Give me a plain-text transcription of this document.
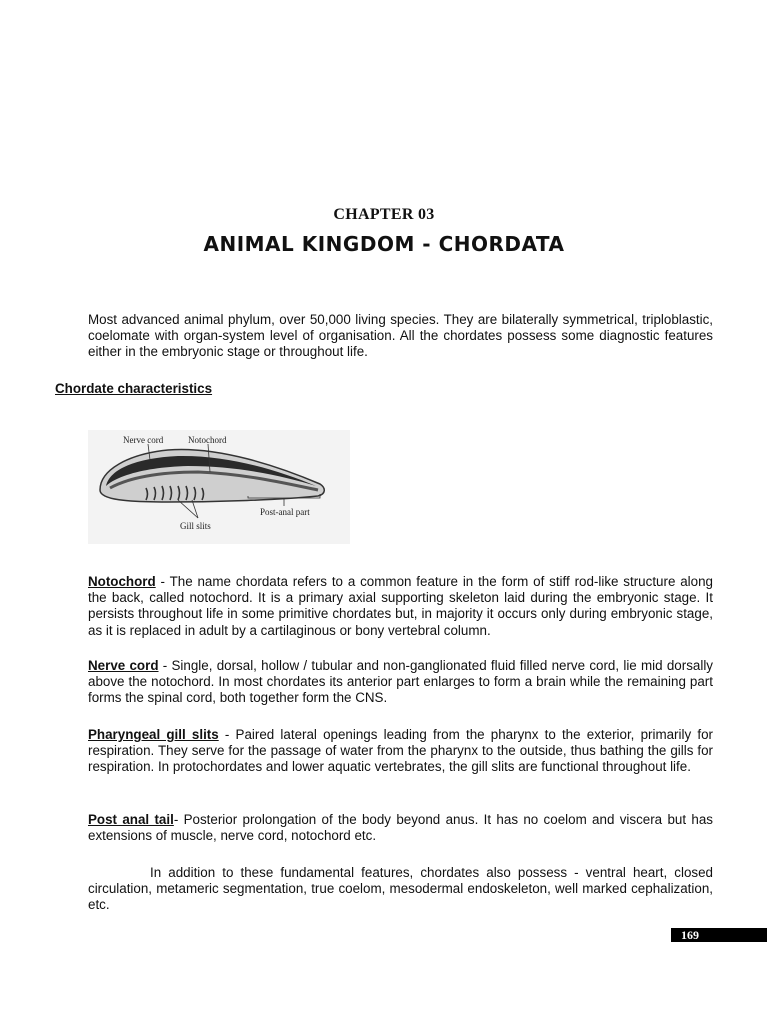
CHAPTER 03
ANIMAL KINGDOM - CHORDATA

Most advanced animal phylum, over 50,000 living species. They are bilaterally symmetrical, triploblastic, coelomate with organ-system level of organisation. All the chordates possess some diagnostic features either in the embryonic stage or throughout life.

Chordate characteristics
Nerve cord	Notochord
Gill slits
Post-anal part

Notochord - The name chordata refers to a common feature in the form of stiff rod-like structure along the back, called notochord. It is a primary axial supporting skeleton laid during the embryonic stage. It persists throughout life in some primitive chordates but, in majority it occurs only during embryonic stage, as it is replaced in adult by a cartilaginous or bony vertebral column.

Nerve cord - Single, dorsal, hollow / tubular and non-ganglionated fluid filled nerve cord, lie mid dorsally above the notochord. In most chordates its anterior part enlarges to form a brain while the remaining part forms the spinal cord, both together form the CNS.

Pharyngeal gill slits - Paired lateral openings leading from the pharynx to the exterior, primarily for respiration. They serve for the passage of water from the pharynx to the outside, thus bathing the gills for respiration. In protochordates and lower aquatic vertebrates, the gill slits are functional throughout life.

Post anal tail- Posterior prolongation of the body beyond anus. It has no coelom and viscera but has extensions of muscle, nerve cord, notochord etc.

In addition to these fundamental features, chordates also possess - ventral heart, closed circulation, metameric segmentation, true coelom, mesodermal endoskeleton, well marked cephalization, etc.

169
